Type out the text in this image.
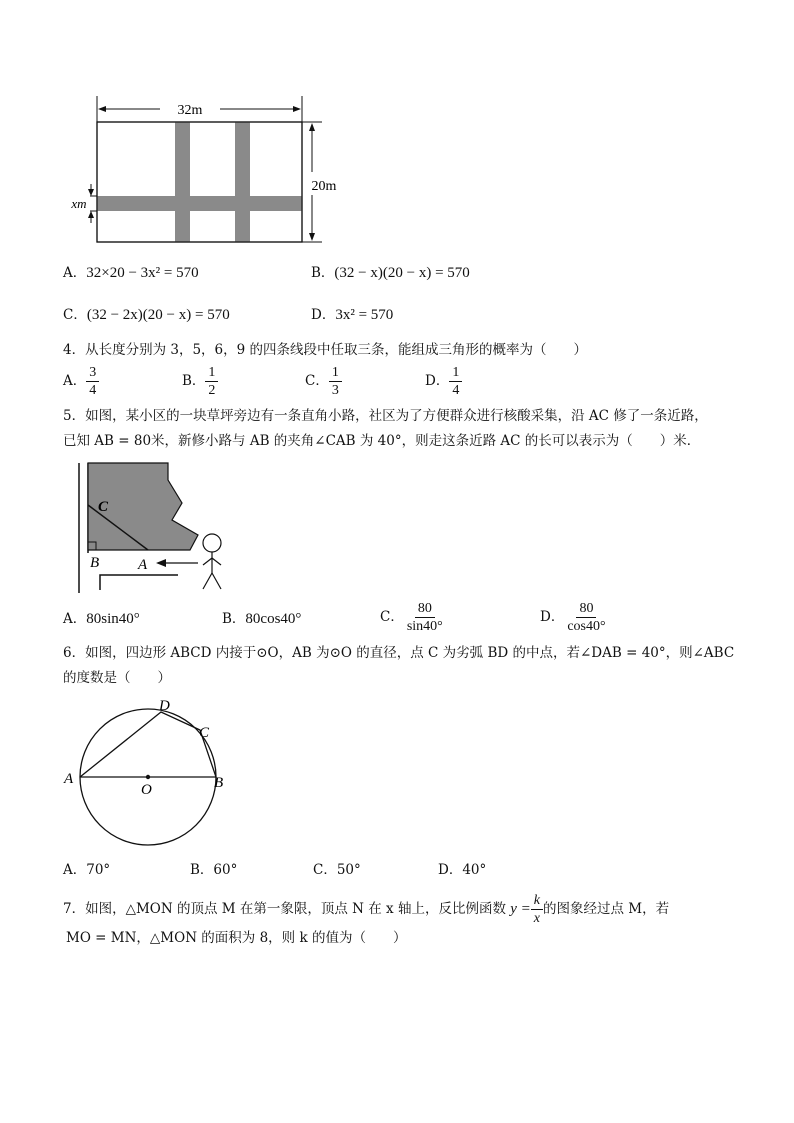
32m
20m
xm
A．32×20 − 3x² = 570	B．(32 − x)(20 − x) = 570
C．(32 − 2x)(20 − x) = 570	D．3x² = 570
4．从长度分别为 3，5，6，9 的四条线段中任取三条，能组成三角形的概率为（　　）
A． $\frac{3}{4}$	B． $\frac{1}{2}$	C． $\frac{1}{3}$	D． $\frac{1}{4}$
5．如图，某小区的一块草坪旁边有一条直角小路，社区为了方便群众进行核酸采集，沿 AC 修了一条近路，
已知 AB = 80米，新修小路与 AB 的夹角∠CAB 为 40°，则走这条近路 AC 的长可以表示为（　　）米．
C
B	A
A．80sin40°	B．80cos40°	C． $\frac{80}{\sin 40^\circ}$	D． $\frac{80}{\cos 40^\circ}$
6．如图，四边形 ABCD 内接于⊙O，AB 为⊙O 的直径，点 C 为劣弧 BD 的中点，若∠DAB = 40°，则∠ABC
的度数是（　　）
A	B
C
D
O
A．70°	B．60°	C．50°	D．40°
7．如图，△MON 的顶点 M 在第一象限，顶点 N 在 x 轴上，反比例函数 $y = \frac{k}{x}$ 的图象经过点 M，若
MO = MN，△MON 的面积为 8，则 k 的值为（　　）
